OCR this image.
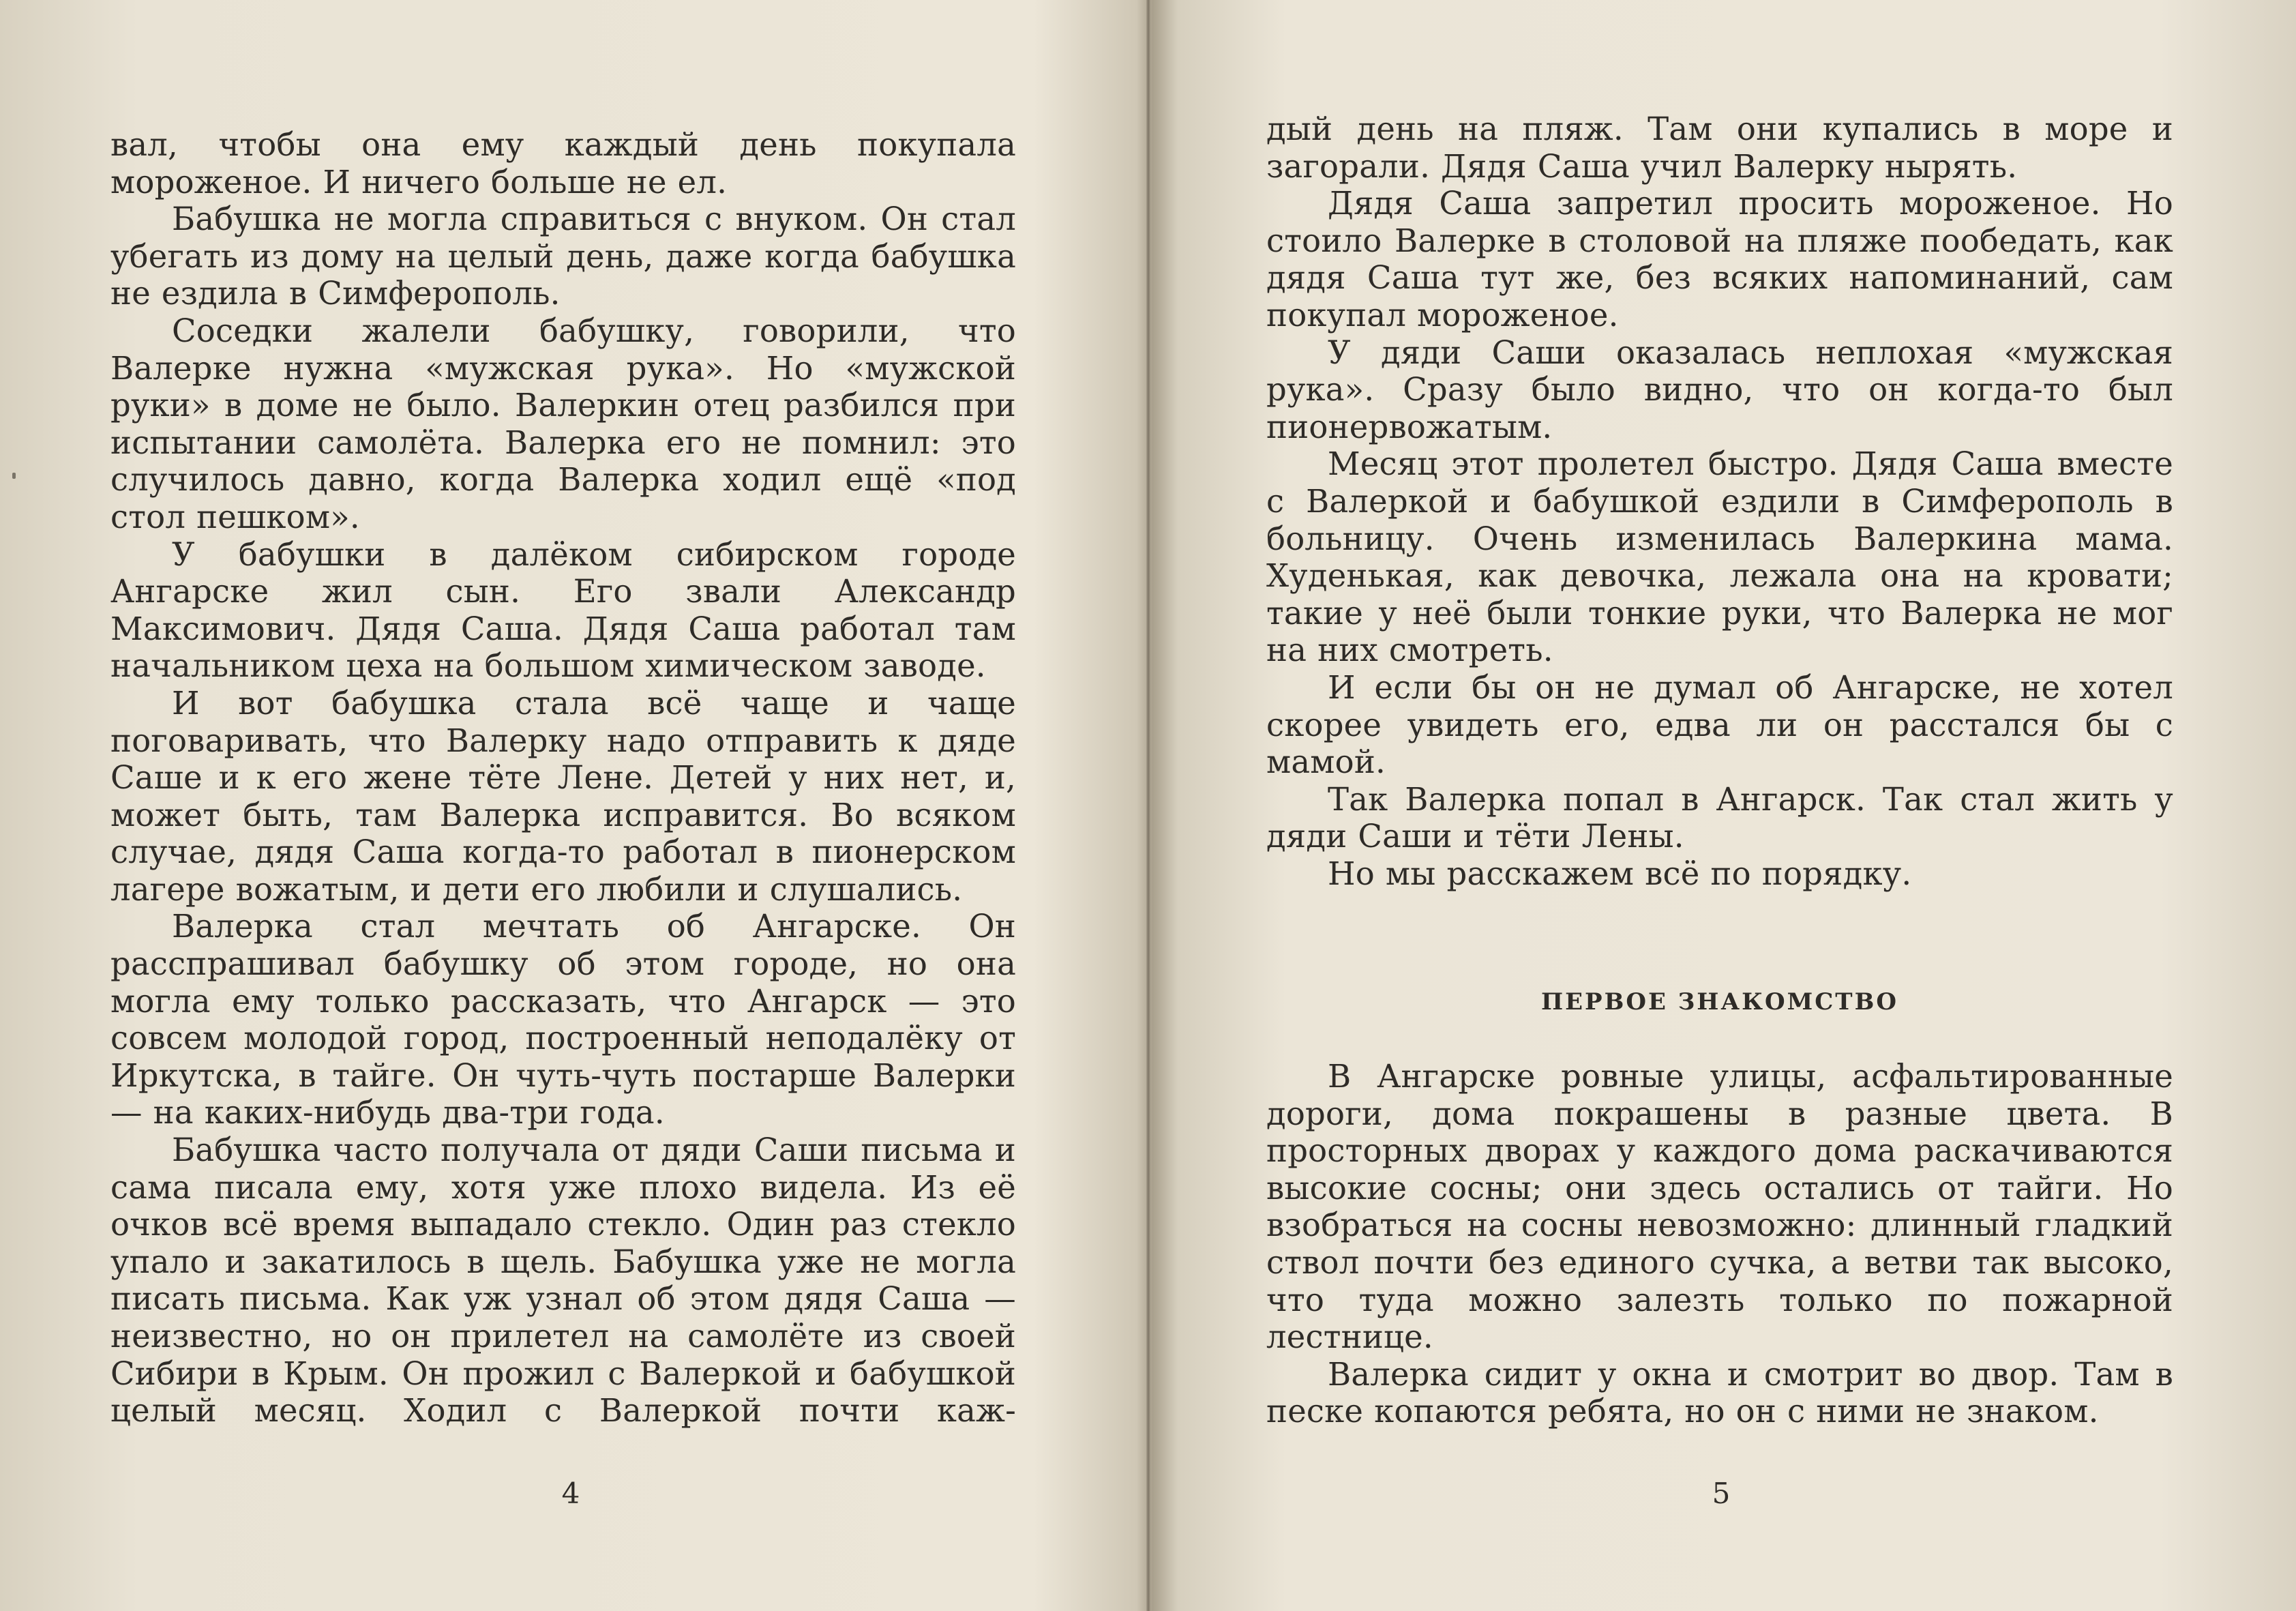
вал, чтобы она ему каждый день покупала мороженое. И ничего больше не ел.

Бабушка не могла справиться с внуком. Он стал убегать из дому на целый день, даже когда бабушка не ездила в Симферополь.

Соседки жалели бабушку, говорили, что Валерке нужна «мужская рука». Но «мужской руки» в доме не было. Валеркин отец разбился при испытании самолёта. Валерка его не помнил: это случилось давно, когда Валерка ходил ещё «под стол пешком».

У бабушки в далёком сибирском городе Ангарске жил сын. Его звали Александр Максимович. Дядя Саша. Дядя Саша работал там начальником цеха на большом химическом заводе.

И вот бабушка стала всё чаще и чаще поговаривать, что Валерку надо отправить к дяде Саше и к его жене тёте Лене. Детей у них нет, и, может быть, там Валерка исправится. Во всяком случае, дядя Саша когда-то работал в пионерском лагере вожатым, и дети его любили и слушались.

Валерка стал мечтать об Ангарске. Он расспрашивал бабушку об этом городе, но она могла ему только рассказать, что Ангарск — это совсем молодой город, построенный неподалёку от Иркутска, в тайге. Он чуть-чуть постарше Валерки — на каких-нибудь два-три года.

Бабушка часто получала от дяди Саши письма и сама писала ему, хотя уже плохо видела. Из её очков всё время выпадало стекло. Один раз стекло упало и закатилось в щель. Бабушка уже не могла писать письма. Как уж узнал об этом дядя Саша — неизвестно, но он прилетел на самолёте из своей Сибири в Крым. Он прожил с Валеркой и бабушкой целый месяц. Ходил с Валеркой почти каж-

4

дый день на пляж. Там они купались в море и загорали. Дядя Саша учил Валерку нырять.

Дядя Саша запретил просить мороженое. Но стоило Валерке в столовой на пляже пообедать, как дядя Саша тут же, без всяких напоминаний, сам покупал мороженое.

У дяди Саши оказалась неплохая «мужская рука». Сразу было видно, что он когда-то был пионервожатым.

Месяц этот пролетел быстро. Дядя Саша вместе с Валеркой и бабушкой ездили в Симферополь в больницу. Очень изменилась Валеркина мама. Худенькая, как девочка, лежала она на кровати; такие у неё были тонкие руки, что Валерка не мог на них смотреть.

И если бы он не думал об Ангарске, не хотел скорее увидеть его, едва ли он расстался бы с мамой.

Так Валерка попал в Ангарск. Так стал жить у дяди Саши и тёти Лены.

Но мы расскажем всё по порядку.

ПЕРВОЕ ЗНАКОМСТВО

В Ангарске ровные улицы, асфальтированные дороги, дома покрашены в разные цвета. В просторных дворах у каждого дома раскачиваются высокие сосны; они здесь остались от тайги. Но взобраться на сосны невозможно: длинный гладкий ствол почти без единого сучка, а ветви так высоко, что туда можно залезть только по пожарной лестнице.

Валерка сидит у окна и смотрит во двор. Там в песке копаются ребята, но он с ними не знаком.

5
